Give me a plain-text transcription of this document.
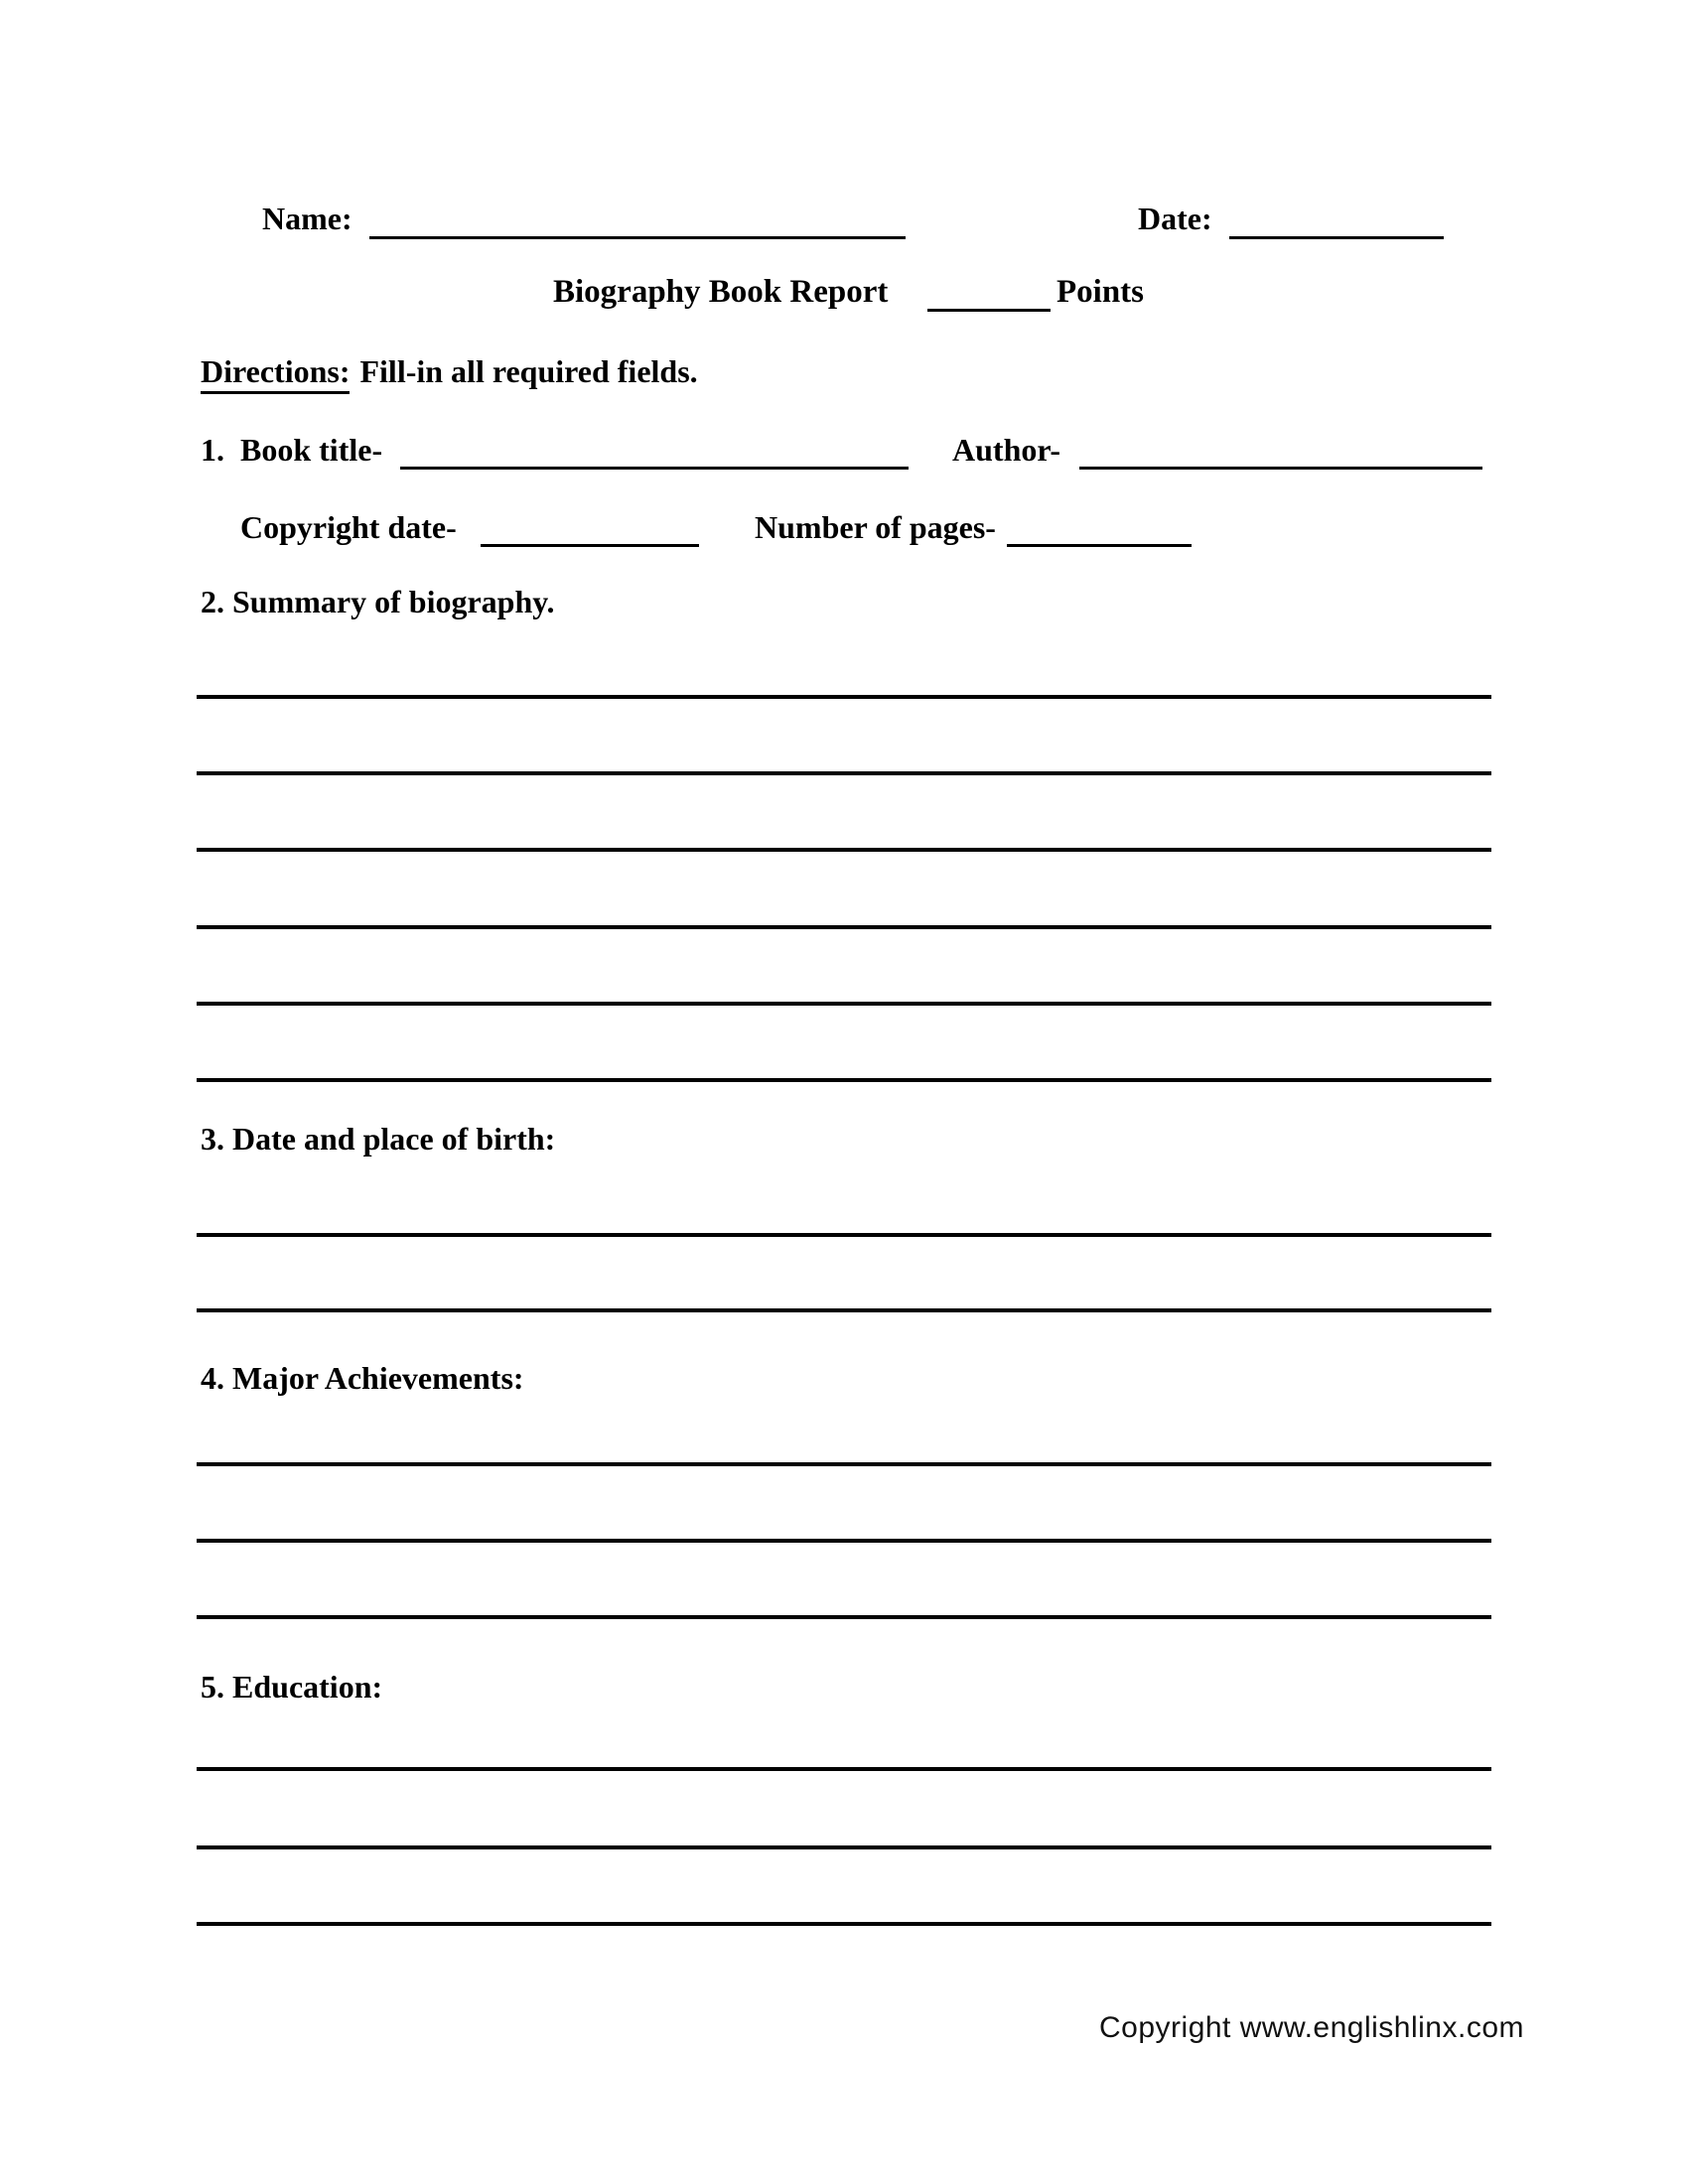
Name:	Date:
Biography Book Report	Points
Directions: Fill-in all required fields.
1. Book title-	Author-
Copyright date-	Number of pages-
2. Summary of biography.
3. Date and place of birth:
4. Major Achievements:
5. Education:
Copyright www.englishlinx.com
